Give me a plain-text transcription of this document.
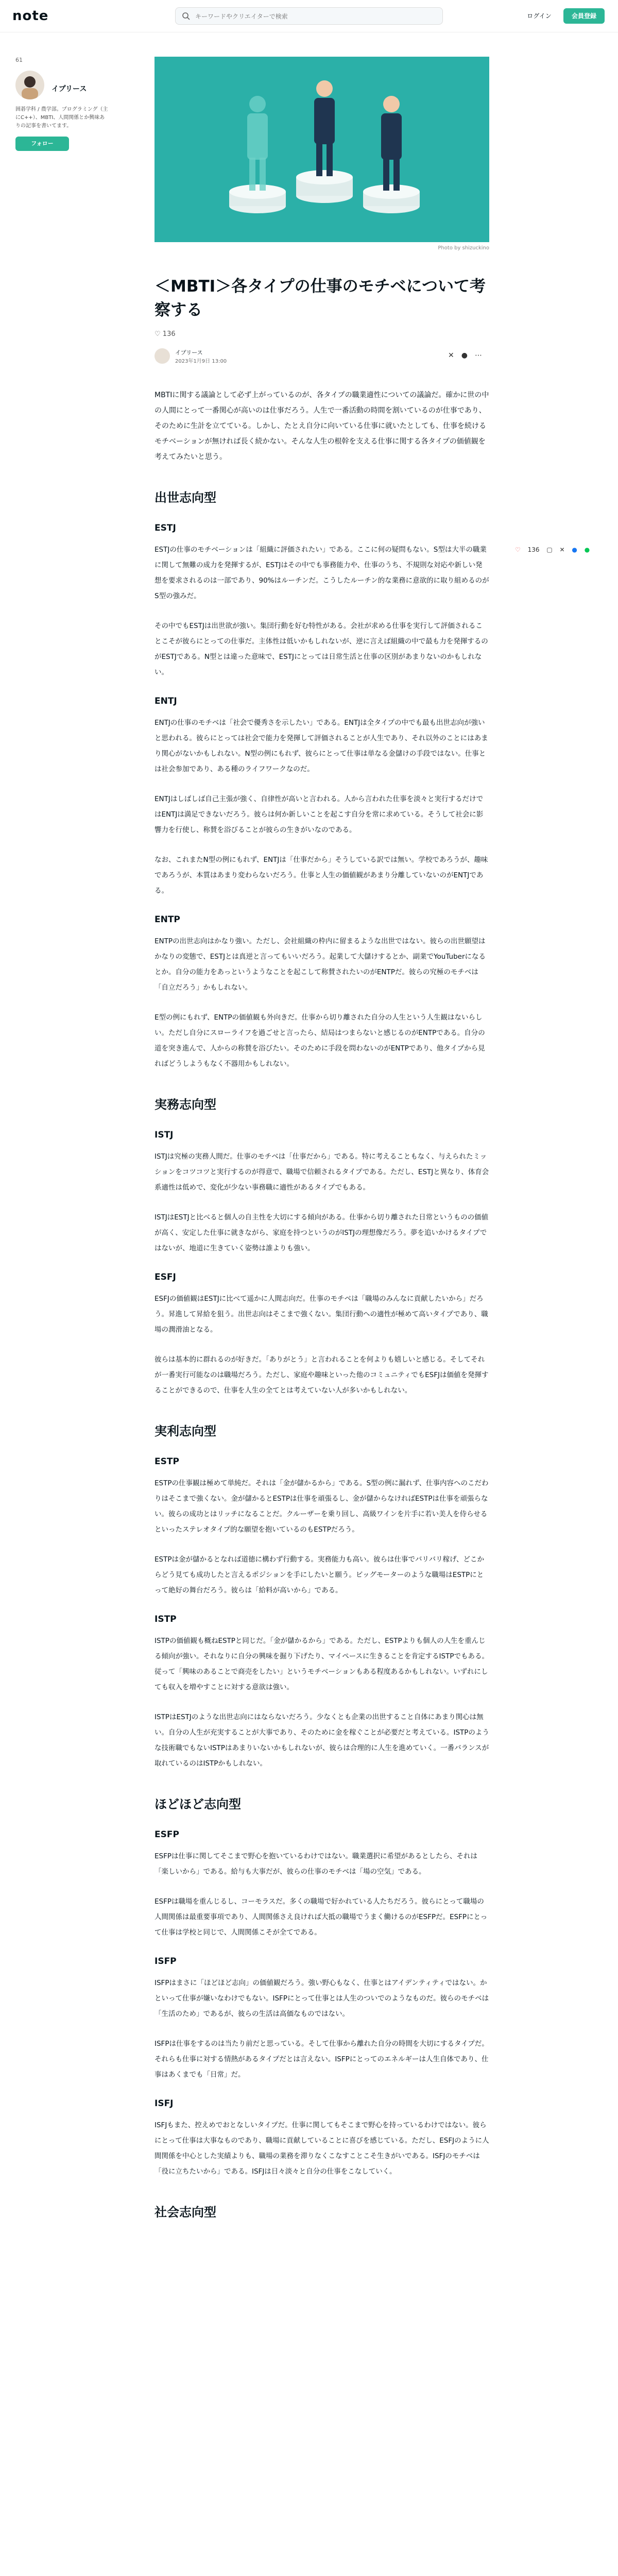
note
キーワードやクリエイターで検索	ログイン	会員登録
61
イプリース
囲碁学科 / 農学部。プログラミング（主にC++）、MBTI、人間関係とか興味ありの記事を書いてます。
フォロー
♡ 136 ▢ ✕ ● ●
Photo by shizuckino
＜MBTI＞各タイプの仕事のモチベについて考察する
♡ 136
イプリース
2023年1月9日 13:00
✕●⋯
MBTIに関する議論として必ず上がっているのが、各タイプの職業適性についての議論だ。確かに世の中の人間にとって一番関心が高いのは仕事だろう。人生で一番活動の時間を割いているのが仕事であり、そのために生計を立てている。しかし、たとえ自分に向いている仕事に就いたとしても、仕事を続けるモチベーションが無ければ長く続かない。そんな人生の根幹を支える仕事に関する各タイプの価値観を考えてみたいと思う。
出世志向型
ESTJ

ESTJの仕事のモチベーションは「組織に評価されたい」である。ここに何の疑問もない。S型は大半の職業に関して無難の成力を発揮するが、ESTJはその中でも事務能力や、仕事のうち、不規則な対応や新しい発想を要求されるのは一部であり、90%はルーチンだ。こうしたルーチン的な業務に意欲的に取り組めるのがS型の強みだ。

その中でもESTJは出世欲が強い。集団行動を好む特性がある。会社が求める仕事を実行して評価されることこそが彼らにとっての仕事だ。主体性は低いかもしれないが、逆に言えば組織の中で最も力を発揮するのがESTJである。N型とは違った意味で、ESTJにとっては日常生活と仕事の区別があまりないのかもしれない。

ENTJ

ENTJの仕事のモチベは「社会で優秀さを示したい」である。ENTJは全タイプの中でも最も出世志向が強いと思われる。彼らにとっては社会で能力を発揮して評価されることが人生であり、それ以外のことにはあまり関心がないかもしれない。N型の例にもれず、彼らにとって仕事は単なる金儲けの手段ではない。仕事とは社会参加であり、ある種のライフワークなのだ。

ENTJはしばしば自己主張が強く、自律性が高いと言われる。人から言われた仕事を淡々と実行するだけではENTJは満足できないだろう。彼らは何か新しいことを起こす自分を常に求めている。そうして社会に影響力を行使し、称賛を浴びることが彼らの生きがいなのである。

なお、これまたN型の例にもれず、ENTJは「仕事だから」そうしている訳では無い。学校であろうが、趣味であろうが、本質はあまり変わらないだろう。仕事と人生の価値観があまり分離していないのがENTJである。

ENTP

ENTPの出世志向はかなり強い。ただし、会社組織の枠内に留まるような出世ではない。彼らの出世願望はかなりの変態で、ESTJとは真逆と言ってもいいだろう。起業して大儲けするとか、副業でYouTuberになるとか。自分の能力をあっというようなことを起こして称賛されたいのがENTPだ。彼らの究極のモチベは「自立だろう」かもしれない。

E型の例にもれず、ENTPの価値観も外向きだ。仕事から切り離された自分の人生という人生観はないらしい。ただし自分にスローライフを過ごせと言ったら、結局はつまらないと感じるのがENTPである。自分の道を突き進んで、人からの称賛を浴びたい。そのために手段を問わないのがENTPであり、他タイプから見ればどうしようもなく不器用かもしれない。

実務志向型
ISTJ

ISTJは究極の実務人間だ。仕事のモチベは「仕事だから」である。特に考えることもなく、与えられたミッションをコツコツと実行するのが得意で、職場で信頼されるタイプである。ただし、ESTJと異なり、体育会系適性は低めで、変化が少ない事務職に適性があるタイプでもある。

ISTJはESTJと比べると個人の自主性を大切にする傾向がある。仕事から切り離された日常というものの価値が高く、安定した仕事に就きながら、家庭を持つというのがISTJの理想像だろう。夢を追いかけるタイプではないが、地道に生きていく姿勢は誰よりも強い。

ESFJ

ESFJの価値観はESTJに比べて遥かに人間志向だ。仕事のモチベは「職場のみんなに貢献したいから」だろう。昇進して昇給を狙う。出世志向はそこまで強くない。集団行動への適性が極めて高いタイプであり、職場の潤滑油となる。

彼らは基本的に群れるのが好きだ。「ありがとう」と言われることを何よりも嬉しいと感じる。そしてそれが一番実行可能なのは職場だろう。ただし、家庭や趣味といった他のコミュニティでもESFJは価値を発揮することができるので、仕事を人生の全てとは考えていない人が多いかもしれない。

実利志向型
ESTP

ESTPの仕事観は極めて単純だ。それは「金が儲かるから」である。S型の例に漏れず、仕事内容へのこだわりはそこまで強くない。金が儲かるとESTPは仕事を頑張るし、金が儲からなければESTPは仕事を頑張らない。彼らの成功とはリッチになることだ。クルーザーを乗り回し、高級ワインを片手に若い美人を侍らせるといったステレオタイプ的な願望を抱いているのもESTPだろう。

ESTPは金が儲かるとなれば道徳に構わず行動する。実務能力も高い。彼らは仕事でバリバリ稼げ、どこからどう見ても成功したと言えるポジションを手にしたいと願う。ビッグモーターのような職場はESTPにとって絶好の舞台だろう。彼らは「給料が高いから」である。

ISTP

ISTPの価値観も概ねESTPと同じだ。「金が儲かるから」である。ただし、ESTPよりも個人の人生を重んじる傾向が強い。それなりに自分の興味を掘り下げたり、マイペースに生きることを肯定するISTPでもある。従って「興味のあることで商売をしたい」というモチベーションもある程度あるかもしれない。いずれにしても収入を増やすことに対する意欲は強い。

ISTPはESTJのような出世志向にはならないだろう。少なくとも企業の出世すること自体にあまり関心は無い。自分の人生が充実することが大事であり、そのために金を稼ぐことが必要だと考えている。ISTPのような技術職でもないISTPはあまりいないかもしれないが、彼らは合理的に人生を進めていく。一番バランスが取れているのはISTPかもしれない。

ほどほど志向型
ESFP

ESFPは仕事に関してそこまで野心を抱いているわけではない。職業選択に希望があるとしたら、それは「楽しいから」である。給与も大事だが、彼らの仕事のモチベは「場の空気」である。

ESFPは職場を重んじるし、コーモラスだ。多くの職場で好かれている人たちだろう。彼らにとって職場の人間関係は最重要事項であり、人間関係さえ良ければ大抵の職場でうまく働けるのがESFPだ。ESFPにとって仕事は学校と同じで、人間関係こそが全てである。

ISFP

ISFPはまさに「ほどほど志向」の価値観だろう。強い野心もなく、仕事とはアイデンティティではない。かといって仕事が嫌いなわけでもない。ISFPにとって仕事とは人生のついでのようなものだ。彼らのモチベは「生活のため」であるが、彼らの生活は高価なものではない。

ISFPは仕事をするのは当たり前だと思っている。そして仕事から離れた自分の時間を大切にするタイプだ。それらも仕事に対する情熱があるタイプだとは言えない。ISFPにとってのエネルギーは人生自体であり、仕事はあくまでも「日常」だ。

ISFJ

ISFJもまた、控えめでおとなしいタイプだ。仕事に関してもそこまで野心を持っているわけではない。彼らにとって仕事は大事なものであり、職場に貢献していることに喜びを感じている。ただし、ESFJのように人間関係を中心とした実績よりも、職場の業務を滞りなくこなすことこそ生きがいである。ISFJのモチベは「役に立ちたいから」である。ISFJは日々淡々と自分の仕事をこなしていく。

社会志向型
